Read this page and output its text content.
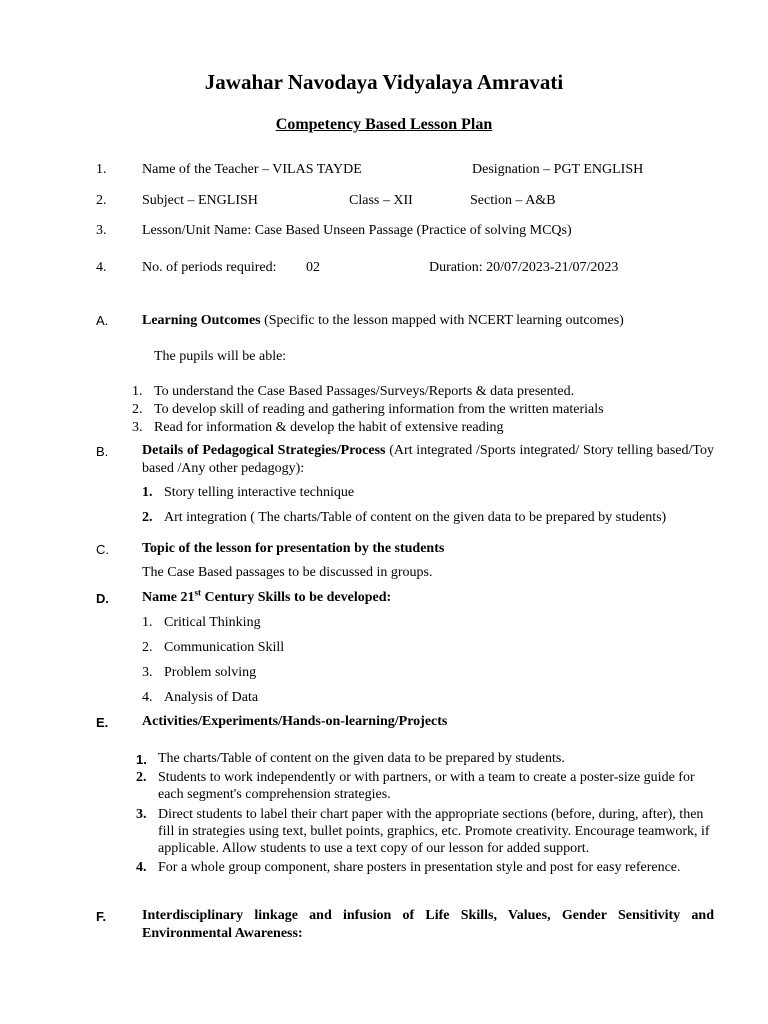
Jawahar Navodaya Vidyalaya Amravati
Competency Based Lesson Plan
1.	Name of the Teacher – VILAS TAYDE	Designation – PGT ENGLISH
2.	Subject – ENGLISH	Class – XII	Section – A&B
3.	Lesson/Unit Name: Case Based Unseen Passage (Practice of solving MCQs)
4.	No. of periods required: 02	Duration: 20/07/2023-21/07/2023
A. Learning Outcomes (Specific to the lesson mapped with NCERT learning outcomes)
The pupils will be able:
1. To understand the Case Based Passages/Surveys/Reports & data presented.
2. To develop skill of reading and gathering information from the written materials
3. Read for information & develop the habit of extensive reading
B. Details of Pedagogical Strategies/Process (Art integrated /Sports integrated/ Story telling based/Toy based /Any other pedagogy):
1. Story telling interactive technique
2. Art integration ( The charts/Table of content on the given data to be prepared by students)
C. Topic of the lesson for presentation by the students
The Case Based passages to be discussed in groups.
D. Name 21st Century Skills to be developed:
1. Critical Thinking
2. Communication Skill
3. Problem solving
4. Analysis of Data
E. Activities/Experiments/Hands-on-learning/Projects
1. The charts/Table of content on the given data to be prepared by students.
2. Students to work independently or with partners, or with a team to create a poster-size guide for each segment's comprehension strategies.
3. Direct students to label their chart paper with the appropriate sections (before, during, after), then fill in strategies using text, bullet points, graphics, etc. Promote creativity. Encourage teamwork, if applicable. Allow students to use a text copy of our lesson for added support.
4. For a whole group component, share posters in presentation style and post for easy reference.
F.	Interdisciplinary linkage and infusion of Life Skills, Values, Gender Sensitivity and Environmental Awareness:
